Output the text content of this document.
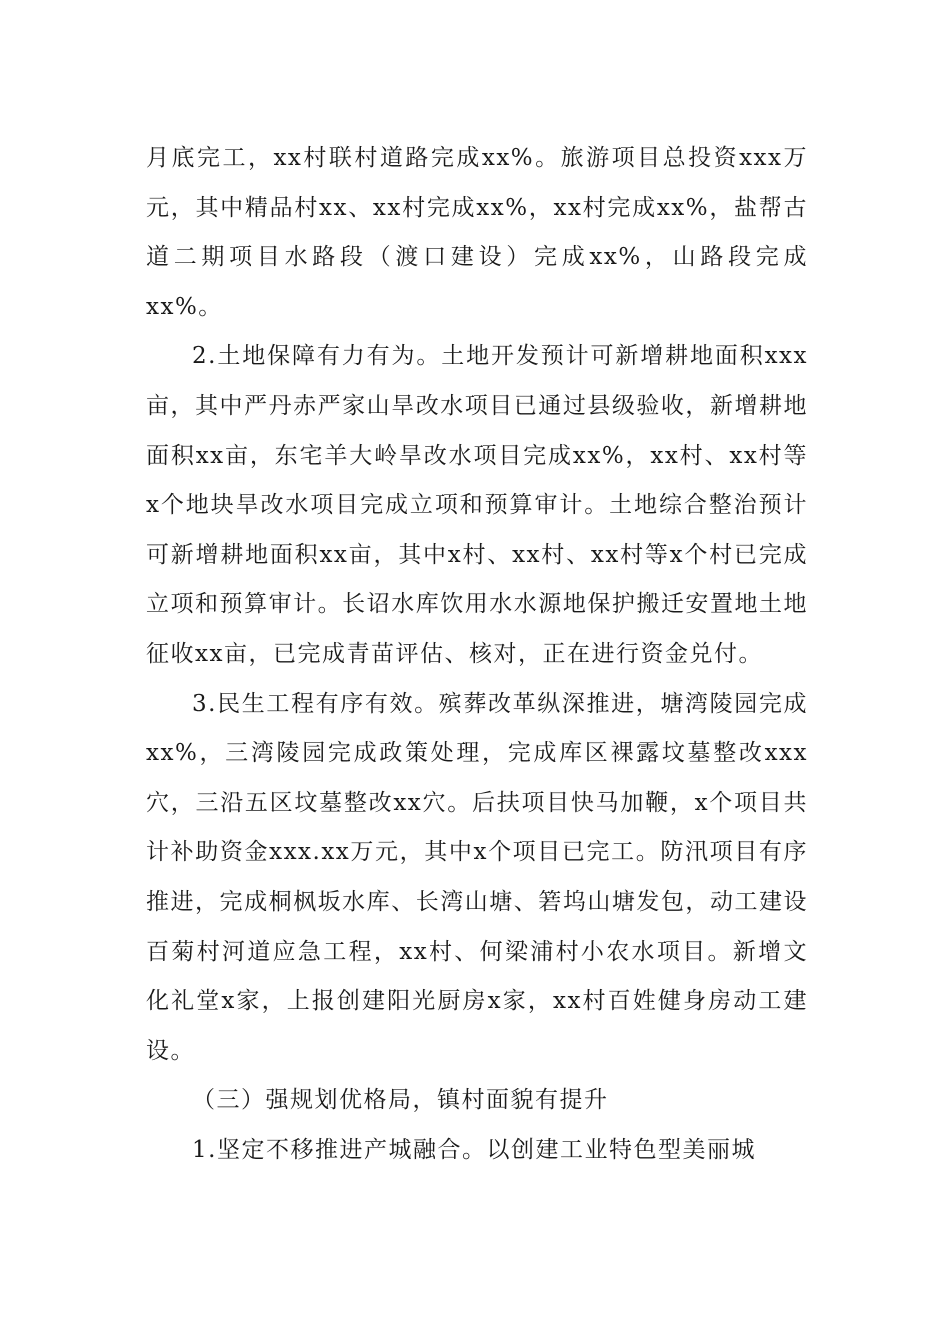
月底完工，xx村联村道路完成xx%。旅游项目总投资xxx万元，其中精品村xx、xx村完成xx%，xx村完成xx%，盐帮古道二期项目水路段（渡口建设）完成xx%，山路段完成xx%。

2.土地保障有力有为。土地开发预计可新增耕地面积xxx亩，其中严丹赤严家山旱改水项目已通过县级验收，新增耕地面积xx亩，东宅羊大岭旱改水项目完成xx%，xx村、xx村等x个地块旱改水项目完成立项和预算审计。土地综合整治预计可新增耕地面积xx亩，其中x村、xx村、xx村等x个村已完成立项和预算审计。长诏水库饮用水水源地保护搬迁安置地土地征收xx亩，已完成青苗评估、核对，正在进行资金兑付。

3.民生工程有序有效。殡葬改革纵深推进，塘湾陵园完成xx%，三湾陵园完成政策处理，完成库区裸露坟墓整改xxx穴，三沿五区坟墓整改xx穴。后扶项目快马加鞭，x个项目共计补助资金xxx.xx万元，其中x个项目已完工。防汛项目有序推进，完成桐枫坂水库、长湾山塘、箬坞山塘发包，动工建设百菊村河道应急工程，xx村、何梁浦村小农水项目。新增文化礼堂x家，上报创建阳光厨房x家，xx村百姓健身房动工建设。

（三）强规划优格局，镇村面貌有提升

1.坚定不移推进产城融合。以创建工业特色型美丽城
